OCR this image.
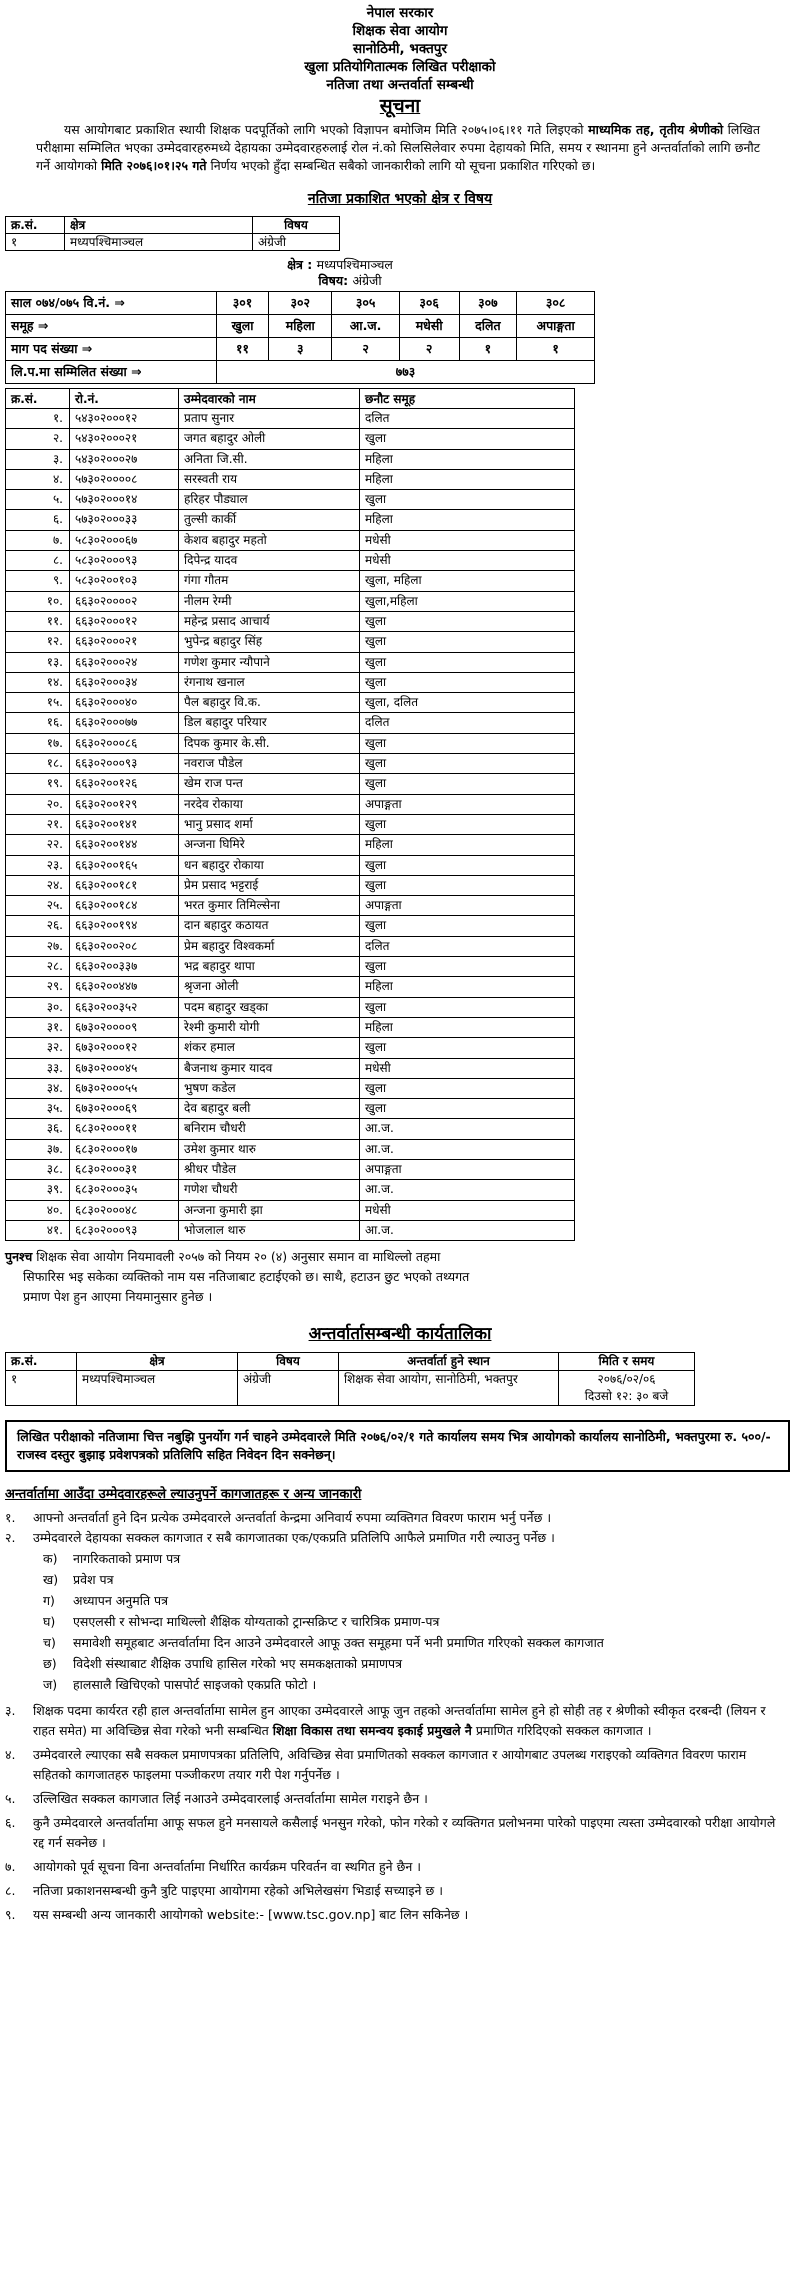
नेपाल सरकार
शिक्षक सेवा आयोग
सानोठिमी, भक्तपुर
खुला प्रतियोगितात्मक लिखित परीक्षाको
नतिजा तथा अन्तर्वार्ता सम्बन्धी
सूचना
यस आयोगबाट प्रकाशित स्थायी शिक्षक पदपूर्तिको लागि भएको विज्ञापन बमोजिम मिति २०७५।०६।११ गते लिइएको माध्यमिक तह, तृतीय श्रेणीको लिखित परीक्षामा सम्मिलित भएका उम्मेदवारहरुमध्ये देहायका उम्मेदवारहरुलाई रोल नं.को सिलसिलेवार रुपमा देहायको मिति, समय र स्थानमा हुने अन्तर्वार्ताको लागि छनौट गर्ने आयोगको मिति २०७६।०१।२५ गते निर्णय भएको हुँदा सम्बन्धित सबैको जानकारीको लागि यो सूचना प्रकाशित गरिएको छ।
नतिजा प्रकाशित भएको क्षेत्र र विषय
क्र.सं.	क्षेत्र	विषय
१	मध्यपश्चिमाञ्चल	अंग्रेजी
क्षेत्र : मध्यपश्चिमाञ्चल
विषय: अंग्रेजी
साल ०७४/०७५ वि.नं. ⇒	३०१	३०२	३०५	३०६	३०७	३०८
समूह ⇒	खुला	महिला	आ.ज.	मधेसी	दलित	अपाङ्गता
माग पद संख्या ⇒	११	३	२	२	१	१
लि.प.मा सम्मिलित संख्या ⇒	७७३					
क्र.सं.	रो.नं.	उम्मेदवारको नाम	छनौट समूह
१.	५४३०२०००१२	प्रताप सुनार	दलित
२.	५४३०२०००२१	जगत बहादुर ओली	खुला
३.	५४३०२०००२७	अनिता जि.सी.	महिला
४.	५७३०२००००८	सरस्वती राय	महिला
५.	५७३०२०००१४	हरिहर पौड्याल	खुला
६.	५७३०२०००३३	तुल्सी कार्की	महिला
७.	५८३०२०००६७	केशव बहादुर महतो	मधेसी
८.	५८३०२०००९३	दिपेन्द्र यादव	मधेसी
९.	५८३०२००१०३	गंगा गौतम	खुला, महिला
१०.	६६३०२००००२	नीलम रेग्मी	खुला,महिला
११.	६६३०२०००१२	महेन्द्र प्रसाद आचार्य	खुला
१२.	६६३०२०००२१	भुपेन्द्र बहादुर सिंह	खुला
१३.	६६३०२०००२४	गणेश कुमार न्यौपाने	खुला
१४.	६६३०२०००३४	रंगनाथ खनाल	खुला
१५.	६६३०२०००४०	पैल बहादुर वि.क.	खुला, दलित
१६.	६६३०२०००७७	डिल बहादुर परियार	दलित
१७.	६६३०२०००८६	दिपक कुमार के.सी.	खुला
१८.	६६३०२०००९३	नवराज पौडेल	खुला
१९.	६६३०२००१२६	खेम राज पन्त	खुला
२०.	६६३०२००१२९	नरदेव रोकाया	अपाङ्गता
२१.	६६३०२००१४१	भानु प्रसाद शर्मा	खुला
२२.	६६३०२००१४४	अन्जना घिमिरे	महिला
२३.	६६३०२००१६५	धन बहादुर रोकाया	खुला
२४.	६६३०२००१८१	प्रेम प्रसाद भट्टराई	खुला
२५.	६६३०२००१८४	भरत कुमार तिमिल्सेना	अपाङ्गता
२६.	६६३०२००१९४	दान बहादुर कठायत	खुला
२७.	६६३०२००२०८	प्रेम बहादुर विश्वकर्मा	दलित
२८.	६६३०२००३३७	भद्र बहादुर थापा	खुला
२९.	६६३०२००४४७	श्रृजना ओली	महिला
३०.	६६३०२००३५२	पदम बहादुर खड्का	खुला
३१.	६७३०२००००९	रेश्मी कुमारी योगी	महिला
३२.	६७३०२०००१२	शंकर हमाल	खुला
३३.	६७३०२०००४५	बैजनाथ कुमार यादव	मधेसी
३४.	६७३०२०००५५	भुषण कडेल	खुला
३५.	६७३०२०००६९	देव बहादुर बली	खुला
३६.	६८३०२०००११	बनिराम चौधरी	आ.ज.
३७.	६८३०२०००१७	उमेश कुमार थारु	आ.ज.
३८.	६८३०२०००३१	श्रीधर पौडेल	अपाङ्गता
३९.	६८३०२०००३५	गणेश चौधरी	आ.ज.
४०.	६८३०२०००४८	अन्जना कुमारी झा	मधेसी
४१.	६८३०२०००९३	भोजलाल थारु	आ.ज.
पुनश्च शिक्षक सेवा आयोग नियमावली २०५७ को नियम २० (४) अनुसार समान वा माथिल्लो तहमा
सिफारिस भइ सकेका व्यक्तिको नाम यस नतिजाबाट हटाईएको छ। साथै, हटाउन छुट भएको तथ्यगत
प्रमाण पेश हुन आएमा नियमानुसार हुनेछ ।
अन्तर्वार्तासम्बन्धी कार्यतालिका
क्र.सं.	क्षेत्र	विषय	अन्तर्वार्ता हुने स्थान	मिति र समय
१	मध्यपश्चिमाञ्चल	अंग्रेजी	शिक्षक सेवा आयोग, सानोठिमी, भक्तपुर	२०७६/०२/०६
दिउसो १२: ३० बजे
लिखित परीक्षाको नतिजामा चित्त नबुझि पुनर्योग गर्न चाहने उम्मेदवारले मिति २०७६/०२/१ गते कार्यालय समय भित्र आयोगको कार्यालय सानोठिमी, भक्तपुरमा रु. ५००/- राजस्व दस्तुर बुझाइ प्रवेशपत्रको प्रतिलिपि सहित निवेदन दिन सक्नेछन्।
अन्तर्वार्तामा आउँदा उम्मेदवारहरूले ल्याउनुपर्ने कागजातहरू र अन्य जानकारी
१.	आफ्नो अन्तर्वार्ता हुने दिन प्रत्येक उम्मेदवारले अन्तर्वार्ता केन्द्रमा अनिवार्य रुपमा व्यक्तिगत विवरण फाराम भर्नु पर्नेछ ।
२.	उम्मेदवारले देहायका सक्कल कागजात र सबै कागजातका एक/एकप्रति प्रतिलिपि आफैले प्रमाणित गरी ल्याउनु पर्नेछ ।
क)	नागरिकताको प्रमाण पत्र
ख)	प्रवेश पत्र
ग)	अध्यापन अनुमति पत्र
घ)	एसएलसी र सोभन्दा माथिल्लो शैक्षिक योग्यताको ट्रान्सक्रिप्ट र चारित्रिक प्रमाण-पत्र
च)	समावेशी समूहबाट अन्तर्वार्तामा दिन आउने उम्मेदवारले आफू उक्त समूहमा पर्ने भनी प्रमाणित गरिएको सक्कल कागजात
छ)	विदेशी संस्थाबाट शैक्षिक उपाधि हासिल गरेको भए समकक्षताको प्रमाणपत्र
ज)	हालसालै खिचिएको पासपोर्ट साइजको एकप्रति फोटो ।
३.	शिक्षक पदमा कार्यरत रही हाल अन्तर्वार्तामा सामेल हुन आएका उम्मेदवारले आफू जुन तहको अन्तर्वार्तामा सामेल हुने हो सोही तह र श्रेणीको स्वीकृत दरबन्दी (लियन र राहत समेत) मा अविच्छिन्न सेवा गरेको भनी सम्बन्धित शिक्षा विकास तथा समन्वय इकाई प्रमुखले नै प्रमाणित गरिदिएको सक्कल कागजात ।
४.	उम्मेदवारले ल्याएका सबै सक्कल प्रमाणपत्रका प्रतिलिपि, अविच्छिन्न सेवा प्रमाणितको सक्कल कागजात र आयोगबाट उपलब्ध गराइएको व्यक्तिगत विवरण फाराम सहितको कागजातहरु फाइलमा पञ्जीकरण तयार गरी पेश गर्नुपर्नेछ ।
५.	उल्लिखित सक्कल कागजात लिई नआउने उम्मेदवारलाई अन्तर्वार्तामा सामेल गराइने छैन ।
६.	कुनै उम्मेदवारले अन्तर्वार्तामा आफू सफल हुने मनसायले कसैलाई भनसुन गरेको, फोन गरेको र व्यक्तिगत प्रलोभनमा पारेको पाइएमा त्यस्ता उम्मेदवारको परीक्षा आयोगले रद्द गर्न सक्नेछ ।
७.	आयोगको पूर्व सूचना विना अन्तर्वार्तामा निर्धारित कार्यक्रम परिवर्तन वा स्थगित हुने छैन ।
८.	नतिजा प्रकाशनसम्बन्धी कुनै त्रुटि पाइएमा आयोगमा रहेको अभिलेखसंग भिडाई सच्याइने छ ।
९.	यस सम्बन्धी अन्य जानकारी आयोगको website:- [www.tsc.gov.np] बाट लिन सकिनेछ ।
